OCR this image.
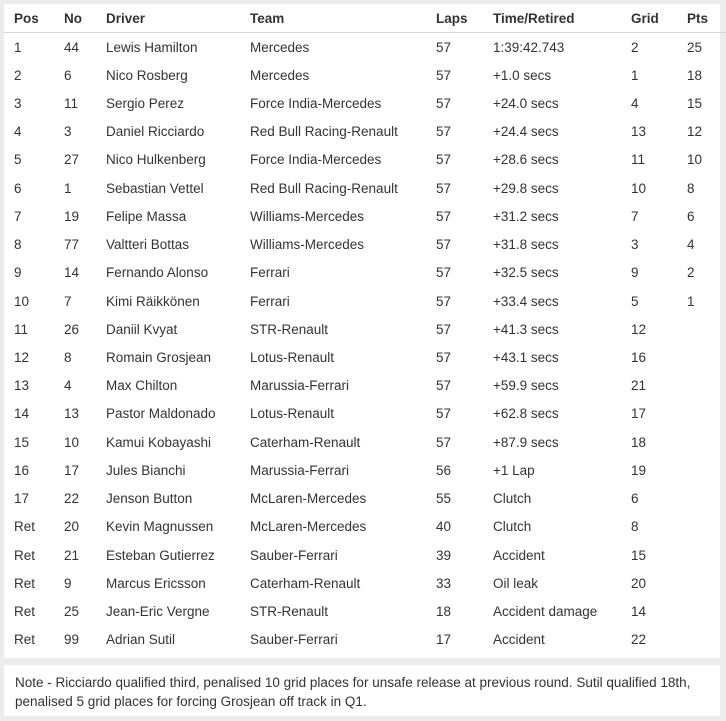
Pos	No	Driver	Team	Laps	Time/Retired	Grid	Pts
1	44	Lewis Hamilton	Mercedes	57	1:39:42.743	2	25
2	6	Nico Rosberg	Mercedes	57	+1.0 secs	1	18
3	11	Sergio Perez	Force India-Mercedes	57	+24.0 secs	4	15
4	3	Daniel Ricciardo	Red Bull Racing-Renault	57	+24.4 secs	13	12
5	27	Nico Hulkenberg	Force India-Mercedes	57	+28.6 secs	11	10
6	1	Sebastian Vettel	Red Bull Racing-Renault	57	+29.8 secs	10	8
7	19	Felipe Massa	Williams-Mercedes	57	+31.2 secs	7	6
8	77	Valtteri Bottas	Williams-Mercedes	57	+31.8 secs	3	4
9	14	Fernando Alonso	Ferrari	57	+32.5 secs	9	2
10	7	Kimi Räikkönen	Ferrari	57	+33.4 secs	5	1
11	26	Daniil Kvyat	STR-Renault	57	+41.3 secs	12	
12	8	Romain Grosjean	Lotus-Renault	57	+43.1 secs	16	
13	4	Max Chilton	Marussia-Ferrari	57	+59.9 secs	21	
14	13	Pastor Maldonado	Lotus-Renault	57	+62.8 secs	17	
15	10	Kamui Kobayashi	Caterham-Renault	57	+87.9 secs	18	
16	17	Jules Bianchi	Marussia-Ferrari	56	+1 Lap	19	
17	22	Jenson Button	McLaren-Mercedes	55	Clutch	6	
Ret	20	Kevin Magnussen	McLaren-Mercedes	40	Clutch	8	
Ret	21	Esteban Gutierrez	Sauber-Ferrari	39	Accident	15	
Ret	9	Marcus Ericsson	Caterham-Renault	33	Oil leak	20	
Ret	25	Jean-Eric Vergne	STR-Renault	18	Accident damage	14	
Ret	99	Adrian Sutil	Sauber-Ferrari	17	Accident	22	
Note - Ricciardo qualified third, penalised 10 grid places for unsafe release at previous round. Sutil qualified 18th, penalised 5 grid places for forcing Grosjean off track in Q1.
